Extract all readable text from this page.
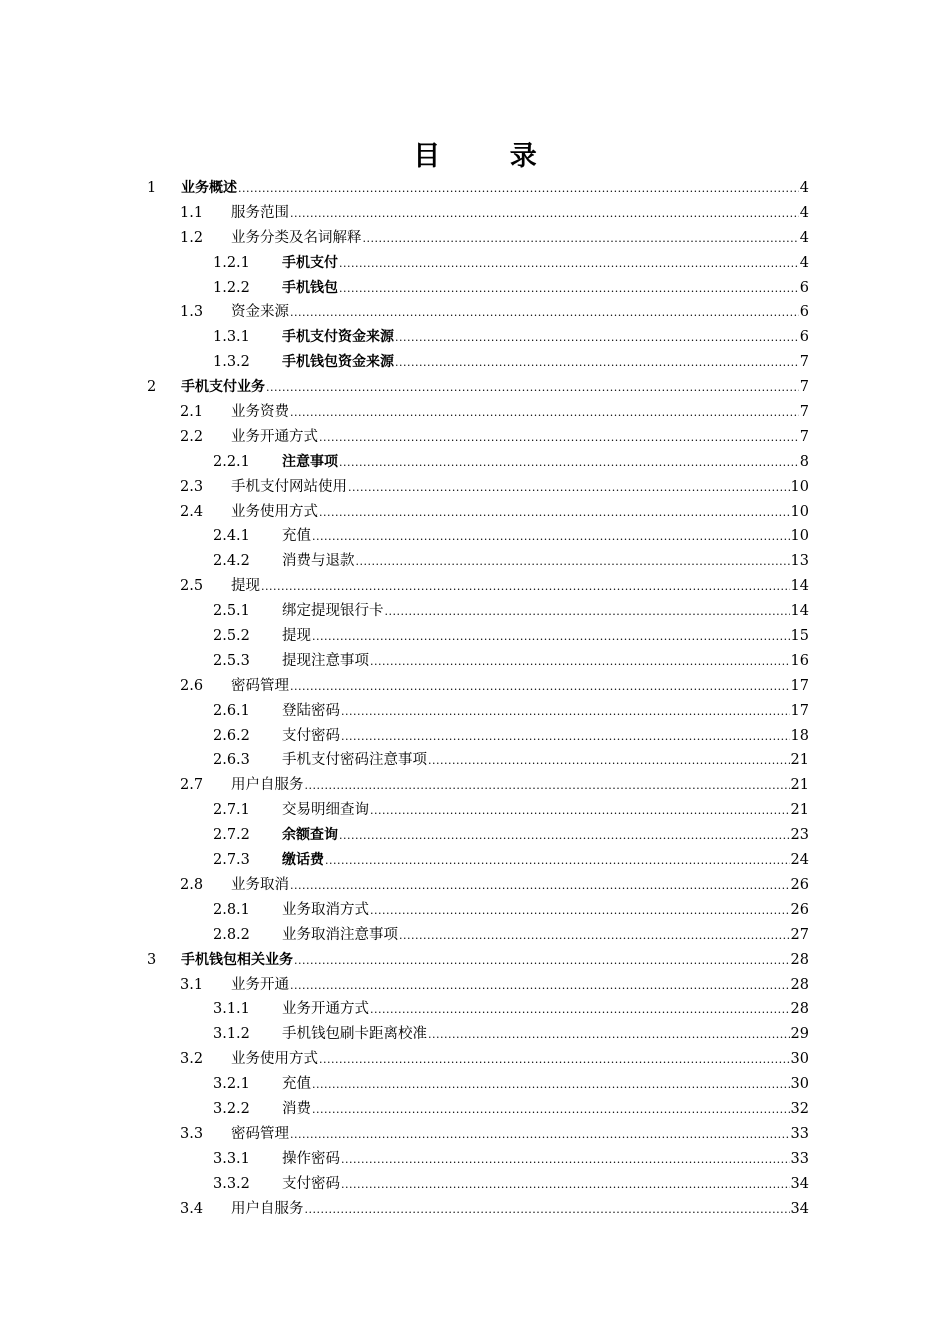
目 录
1	业务概述 .....	4
1.1	服务范围 .....	4
1.2	业务分类及名词解释 .....	4
1.2.1	手机支付 .....	4
1.2.2	手机钱包 .....	6
1.3	资金来源 .....	6
1.3.1	手机支付资金来源 .....	6
1.3.2	手机钱包资金来源 .....	7
2	手机支付业务 .....	7
2.1	业务资费 .....	7
2.2	业务开通方式 .....	7
2.2.1	注意事项 .....	8
2.3	手机支付网站使用 .....	10
2.4	业务使用方式 .....	10
2.4.1	充值 .....	10
2.4.2	消费与退款 .....	13
2.5	提现 .....	14
2.5.1	绑定提现银行卡 .....	14
2.5.2	提现 .....	15
2.5.3	提现注意事项 .....	16
2.6	密码管理 .....	17
2.6.1	登陆密码 .....	17
2.6.2	支付密码 .....	18
2.6.3	手机支付密码注意事项 .....	21
2.7	用户自服务 .....	21
2.7.1	交易明细查询 .....	21
2.7.2	余额查询 .....	23
2.7.3	缴话费 .....	24
2.8	业务取消 .....	26
2.8.1	业务取消方式 .....	26
2.8.2	业务取消注意事项 .....	27
3	手机钱包相关业务 .....	28
3.1	业务开通 .....	28
3.1.1	业务开通方式 .....	28
3.1.2	手机钱包刷卡距离校准 .....	29
3.2	业务使用方式 .....	30
3.2.1	充值 .....	30
3.2.2	消费 .....	32
3.3	密码管理 .....	33
3.3.1	操作密码 .....	33
3.3.2	支付密码 .....	34
3.4	用户自服务 .....	34
